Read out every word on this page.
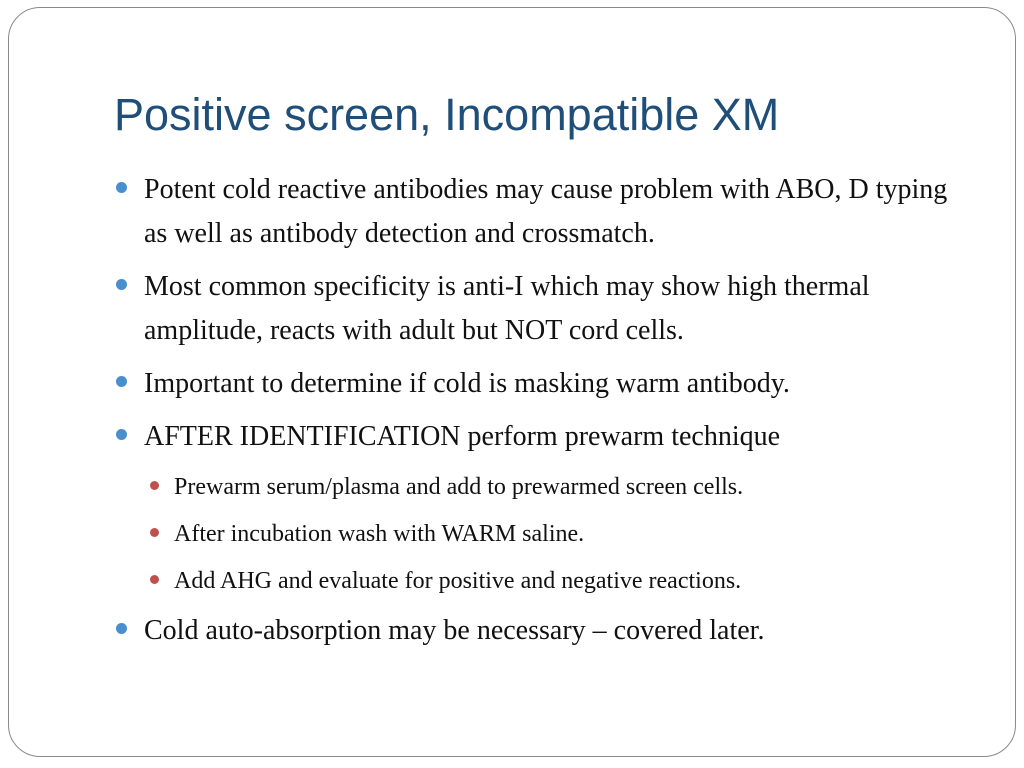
Positive screen, Incompatible XM
Potent cold reactive antibodies may cause problem with ABO, D typing as well as antibody detection and crossmatch.
Most common specificity is anti-I which may show high thermal amplitude, reacts with adult but NOT cord cells.
Important to determine if cold is masking warm antibody.
AFTER IDENTIFICATION perform prewarm technique
Prewarm serum/plasma and add to prewarmed screen cells.
After incubation wash with WARM saline.
Add AHG and evaluate for positive and negative reactions.
Cold auto-absorption may be necessary – covered later.
